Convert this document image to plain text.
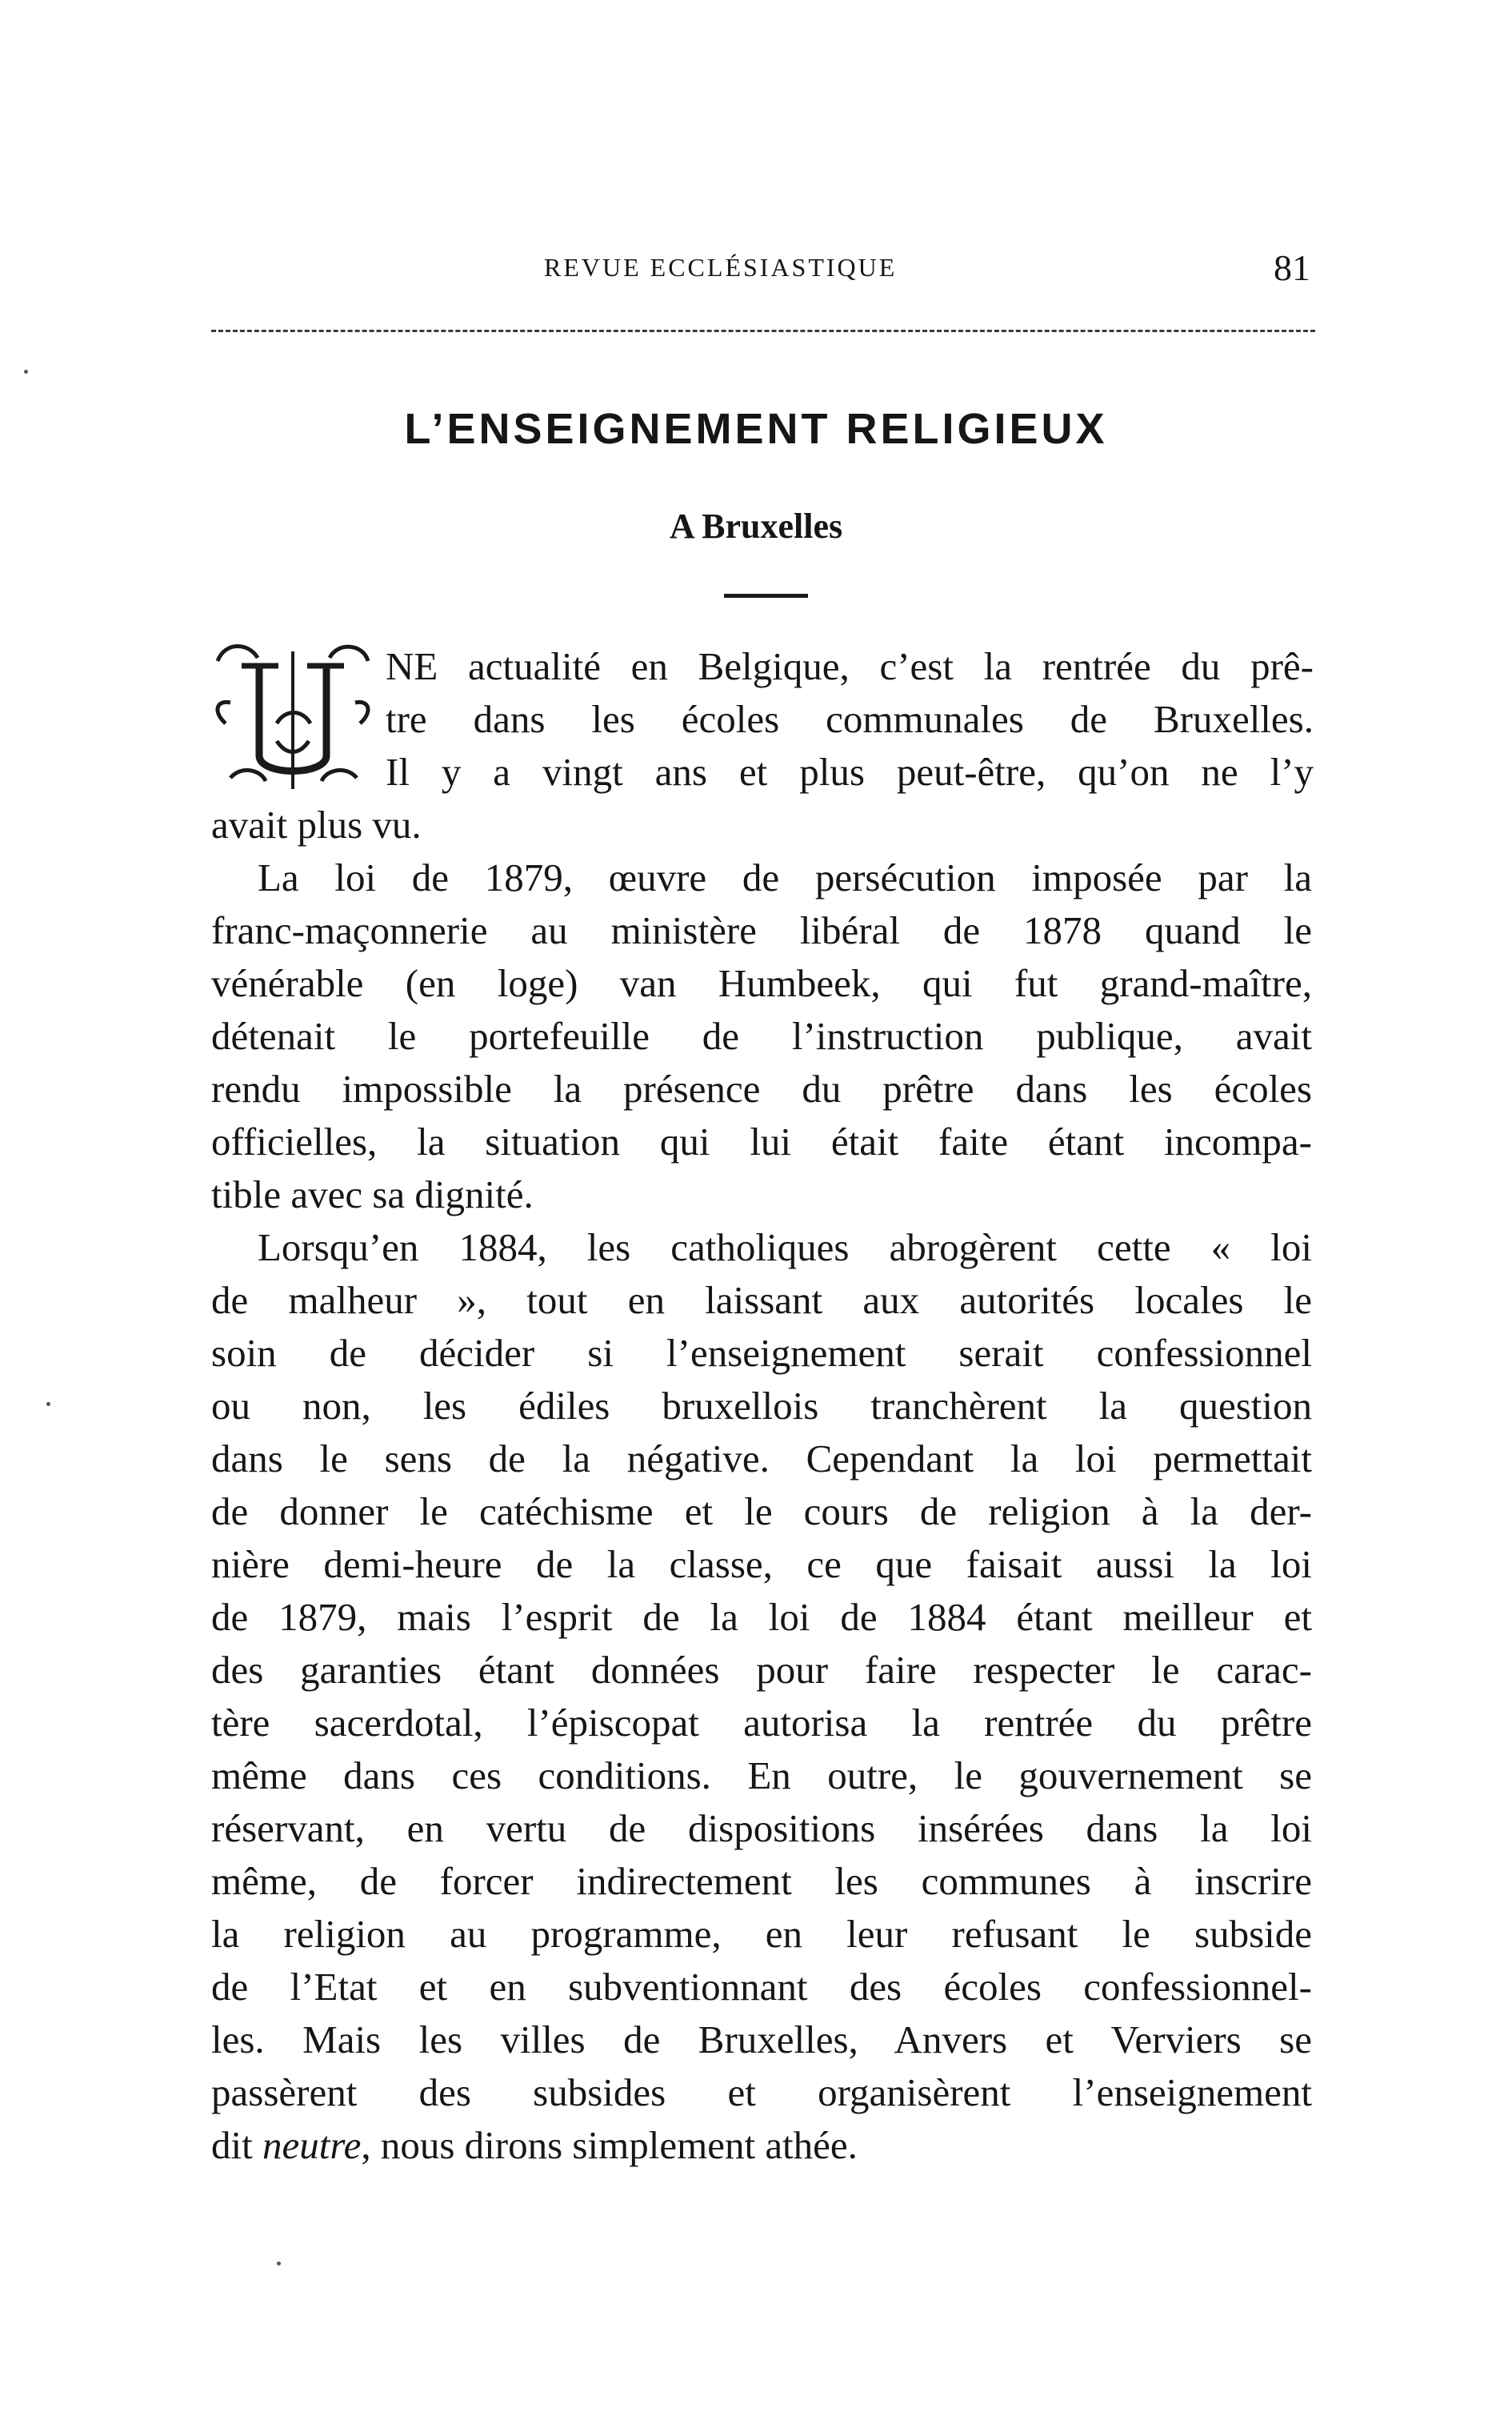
REVUE ECCLÉSIASTIQUE	81
L’ENSEIGNEMENT RELIGIEUX
A Bruxelles
U
NE actualité en Belgique, c’est la rentrée du prê-
tre dans les écoles communales de Bruxelles.
Il y a vingt ans et plus peut-être, qu’on ne l’y
avait plus vu.
La loi de 1879, œuvre de persécution imposée par la
franc-maçonnerie au ministère libéral de 1878 quand le
vénérable (en loge) van Humbeek, qui fut grand-maître,
détenait le portefeuille de l’instruction publique, avait
rendu impossible la présence du prêtre dans les écoles
officielles, la situation qui lui était faite étant incompa-
tible avec sa dignité.
Lorsqu’en 1884, les catholiques abrogèrent cette « loi
de malheur », tout en laissant aux autorités locales le
soin de décider si l’enseignement serait confessionnel
ou non, les édiles bruxellois tranchèrent la question
dans le sens de la négative. Cependant la loi permettait
de donner le catéchisme et le cours de religion à la der-
nière demi-heure de la classe, ce que faisait aussi la loi
de 1879, mais l’esprit de la loi de 1884 étant meilleur et
des garanties étant données pour faire respecter le carac-
tère sacerdotal, l’épiscopat autorisa la rentrée du prêtre
même dans ces conditions. En outre, le gouvernement se
réservant, en vertu de dispositions insérées dans la loi
même, de forcer indirectement les communes à inscrire
la religion au programme, en leur refusant le subside
de l’Etat et en subventionnant des écoles confessionnel-
les. Mais les villes de Bruxelles, Anvers et Verviers se
passèrent des subsides et organisèrent l’enseignement
dit neutre, nous dirons simplement athée.
